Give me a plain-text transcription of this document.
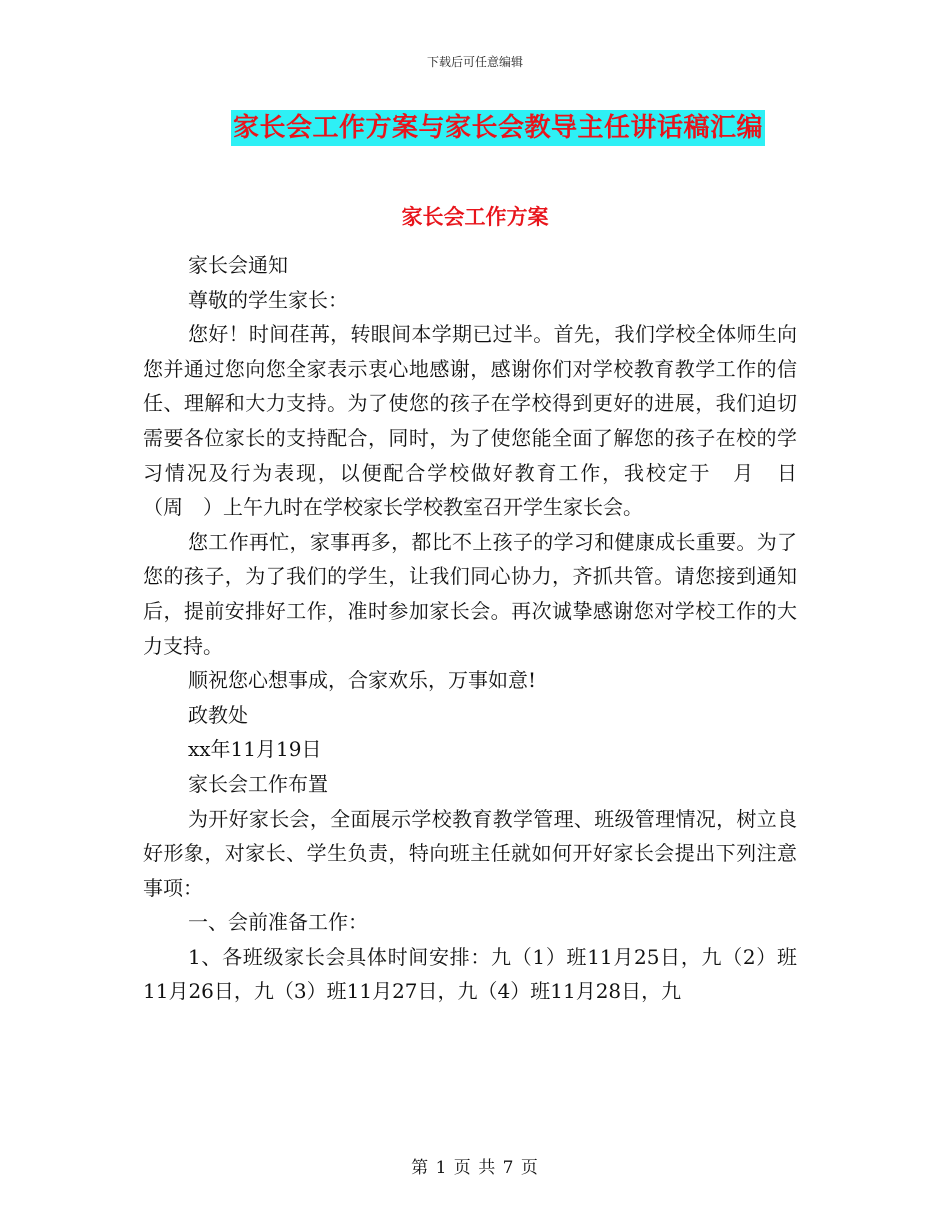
下载后可任意编辑
家长会工作方案与家长会教导主任讲话稿汇编
家长会工作方案

家长会通知

尊敬的学生家长：

您好！时间荏苒，转眼间本学期已过半。首先，我们学校全体师生向您并通过您向您全家表示衷心地感谢，感谢你们对学校教育教学工作的信任、理解和大力支持。为了使您的孩子在学校得到更好的进展，我们迫切需要各位家长的支持配合，同时，为了使您能全面了解您的孩子在校的学习情况及行为表现，以便配合学校做好教育工作，我校定于　月　日（周　）上午九时在学校家长学校教室召开学生家长会。

您工作再忙，家事再多，都比不上孩子的学习和健康成长重要。为了您的孩子，为了我们的学生，让我们同心协力，齐抓共管。请您接到通知后，提前安排好工作，准时参加家长会。再次诚挚感谢您对学校工作的大力支持。

顺祝您心想事成，合家欢乐，万事如意!

政教处

xx年11月19日

家长会工作布置

为开好家长会，全面展示学校教育教学管理、班级管理情况，树立良好形象，对家长、学生负责，特向班主任就如何开好家长会提出下列注意事项：

一、会前准备工作：

1、各班级家长会具体时间安排：九（1）班11月25日，九（2）班11月26日，九（3）班11月27日，九（4）班11月28日，九

第 1 页 共 7 页
